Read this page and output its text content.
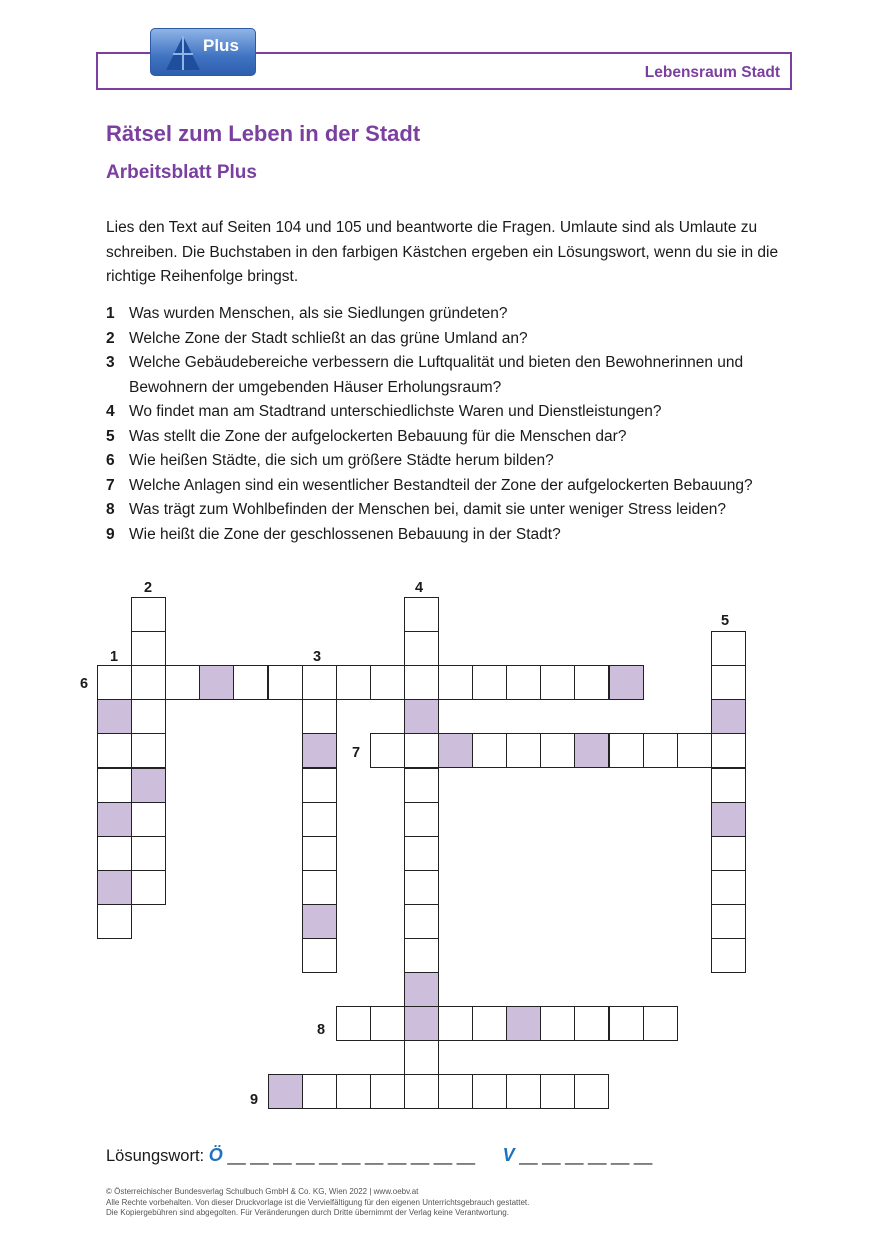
Lebensraum Stadt
Plus
Rätsel zum Leben in der Stadt
Arbeitsblatt Plus

Lies den Text auf Seiten 104 und 105 und beantworte die Fragen. Umlaute sind als Umlaute zu schreiben. Die Buchstaben in den farbigen Kästchen ergeben ein Lösungswort, wenn du sie in die richtige Reihenfolge bringst.

1 Was wurden Menschen, als sie Siedlungen gründeten?
2 Welche Zone der Stadt schließt an das grüne Umland an?
3 Welche Gebäudebereiche verbessern die Luftqualität und bieten den Bewohnerinnen und Bewohnern der umgebenden Häuser Erholungsraum?
4 Wo findet man am Stadtrand unterschiedlichste Waren und Dienstleistungen?
5 Was stellt die Zone der aufgelockerten Bebauung für die Menschen dar?
6 Wie heißen Städte, die sich um größere Städte herum bilden?
7 Welche Anlagen sind ein wesentlicher Bestandteil der Zone der aufgelockerten Bebauung?
8 Was trägt zum Wohlbefinden der Menschen bei, damit sie unter weniger Stress leiden?
9 Wie heißt die Zone der geschlossenen Bebauung in der Stadt?
1
2
3
4
5
6
7
8
9
Lösungswort: Ö __ __ __ __ __ __ __ __ __ __ __ V __ __ __ __ __ __
© Österreichischer Bundesverlag Schulbuch GmbH & Co. KG, Wien 2022 | www.oebv.at
Alle Rechte vorbehalten. Von dieser Druckvorlage ist die Vervielfältigung für den eigenen Unterrichtsgebrauch gestattet.
Die Kopiergebühren sind abgegolten. Für Veränderungen durch Dritte übernimmt der Verlag keine Verantwortung.
